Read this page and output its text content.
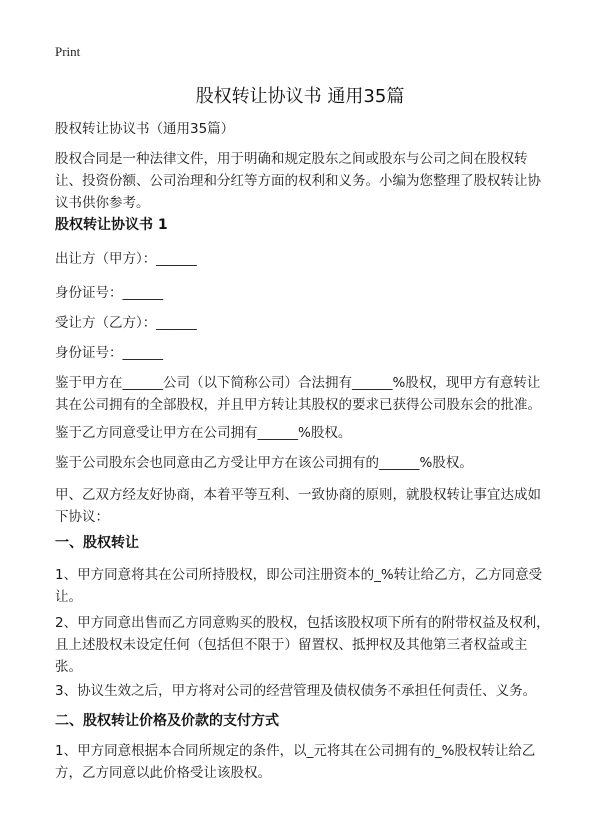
Print
股权转让协议书 通用35篇
股权转让协议书（通用35篇）
股权合同是一种法律文件，用于明确和规定股东之间或股东与公司之间在股权转让、投资份额、公司治理和分红等方面的权利和义务。小编为您整理了股权转让协议书供你参考。
股权转让协议书 1
出让方（甲方）：______
身份证号：______
受让方（乙方）：______
身份证号：______
鉴于甲方在______公司（以下简称公司）合法拥有______%股权，现甲方有意转让其在公司拥有的全部股权，并且甲方转让其股权的要求已获得公司股东会的批准。
鉴于乙方同意受让甲方在公司拥有______%股权。
鉴于公司股东会也同意由乙方受让甲方在该公司拥有的______%股权。
甲、乙双方经友好协商，本着平等互利、一致协商的原则，就股权转让事宜达成如下协议：
一、股权转让
1、甲方同意将其在公司所持股权，即公司注册资本的_%转让给乙方，乙方同意受让。
2、甲方同意出售而乙方同意购买的股权，包括该股权项下所有的附带权益及权利，且上述股权未设定任何（包括但不限于）留置权、抵押权及其他第三者权益或主张。
3、协议生效之后，甲方将对公司的经营管理及债权债务不承担任何责任、义务。
二、股权转让价格及价款的支付方式
1、甲方同意根据本合同所规定的条件，以_元将其在公司拥有的_%股权转让给乙方，乙方同意以此价格受让该股权。
